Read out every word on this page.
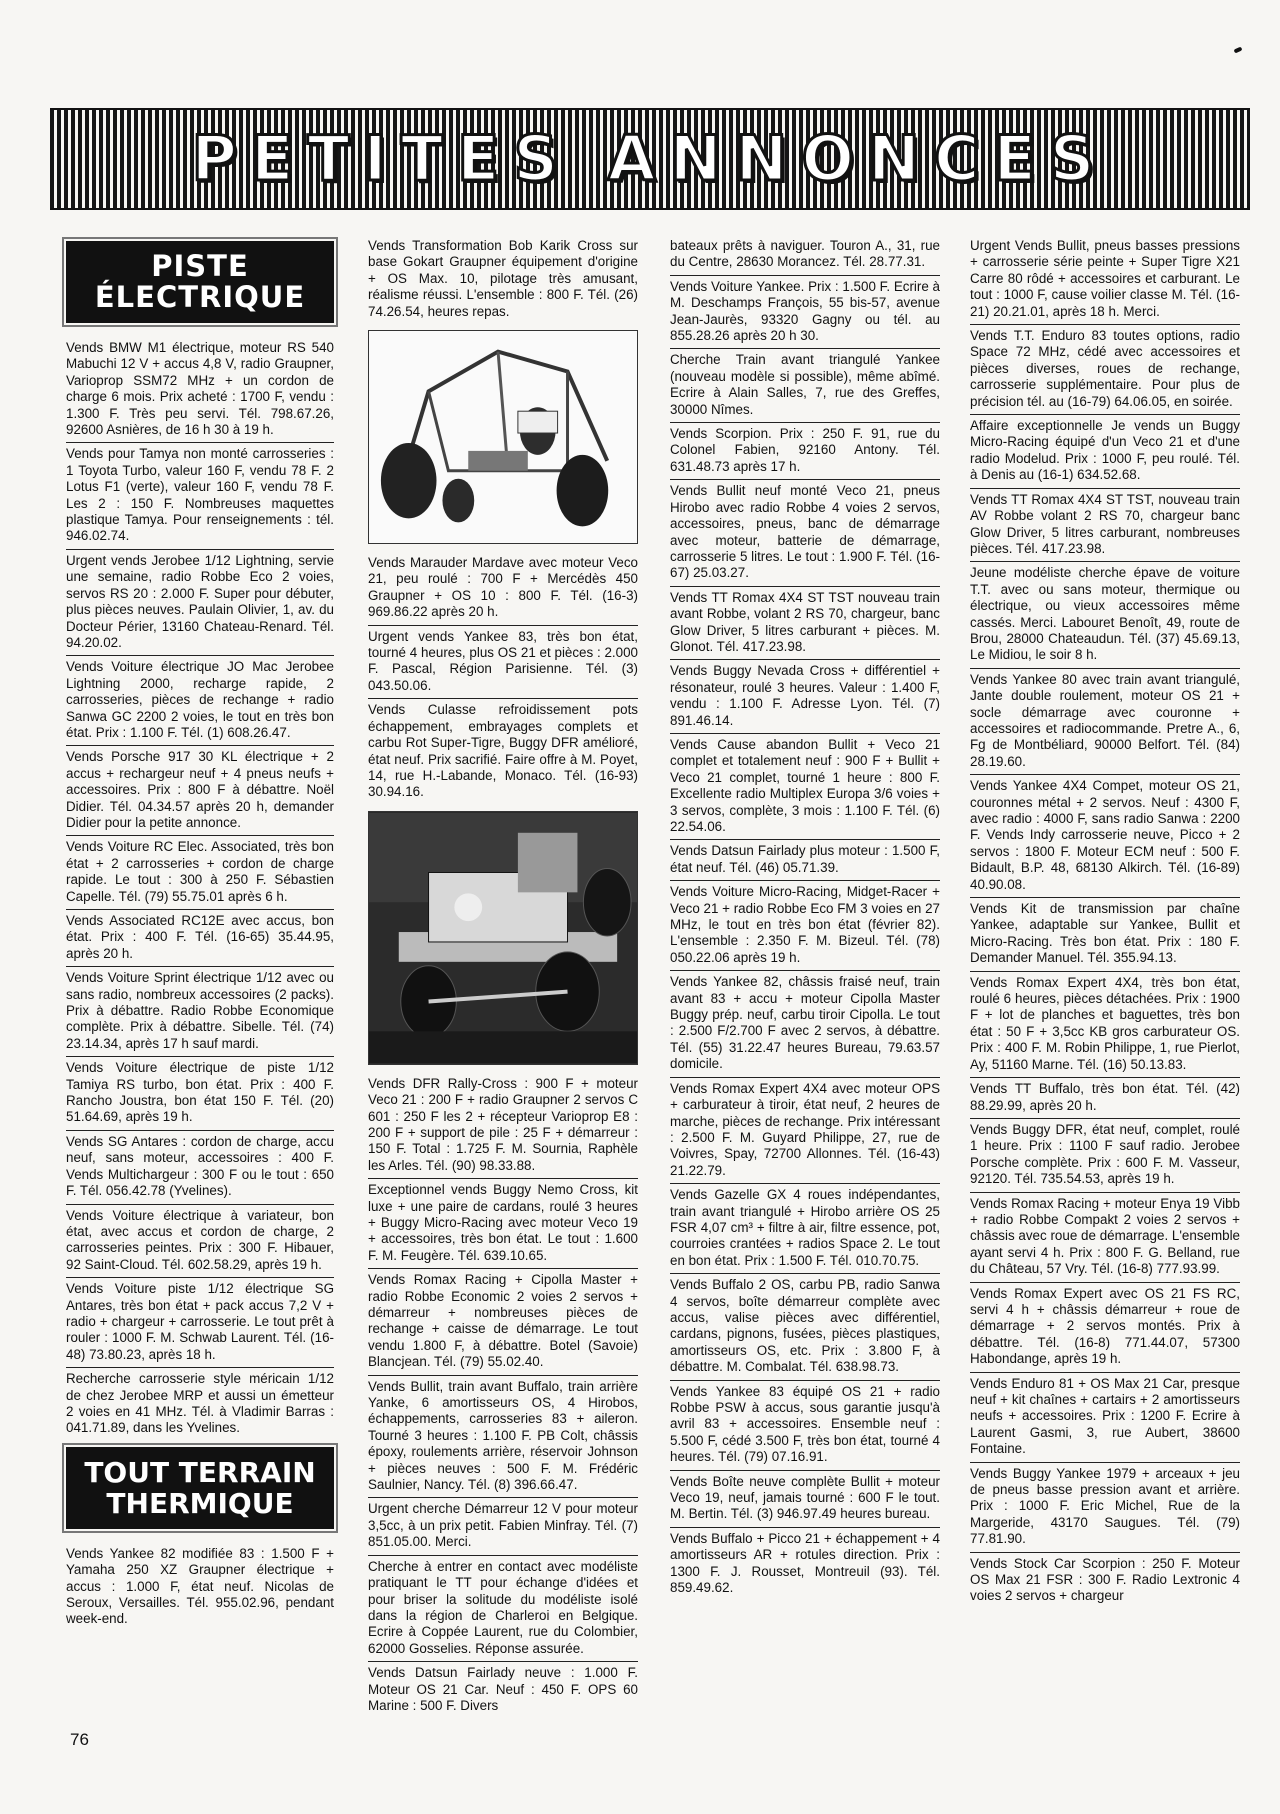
PETITES ANNONCES
PISTE ÉLECTRIQUE

Vends BMW M1 électrique, moteur RS 540 Mabuchi 12 V + accus 4,8 V, radio Graupner, Varioprop SSM72 MHz + un cordon de charge 6 mois. Prix acheté : 1700 F, vendu : 1.300 F. Très peu servi. Tél. 798.67.26, 92600 Asnières, de 16 h 30 à 19 h.

Vends pour Tamya non monté carrosseries : 1 Toyota Turbo, valeur 160 F, vendu 78 F. 2 Lotus F1 (verte), valeur 160 F, vendu 78 F. Les 2 : 150 F. Nombreuses maquettes plastique Tamya. Pour renseignements : tél. 946.02.74.

Urgent vends Jerobee 1/12 Lightning, servie une semaine, radio Robbe Eco 2 voies, servos RS 20 : 2.000 F. Super pour débuter, plus pièces neuves. Paulain Olivier, 1, av. du Docteur Périer, 13160 Chateau-Renard. Tél. 94.20.02.

Vends Voiture électrique JO Mac Jerobee Lightning 2000, recharge rapide, 2 carrosseries, pièces de rechange + radio Sanwa GC 2200 2 voies, le tout en très bon état. Prix : 1.100 F. Tél. (1) 608.26.47.

Vends Porsche 917 30 KL électrique + 2 accus + rechargeur neuf + 4 pneus neufs + accessoires. Prix : 800 F à débattre. Noël Didier. Tél. 04.34.57 après 20 h, demander Didier pour la petite annonce.

Vends Voiture RC Elec. Associated, très bon état + 2 carrosseries + cordon de charge rapide. Le tout : 300 à 250 F. Sébastien Capelle. Tél. (79) 55.75.01 après 6 h.

Vends Associated RC12E avec accus, bon état. Prix : 400 F. Tél. (16-65) 35.44.95, après 20 h.

Vends Voiture Sprint électrique 1/12 avec ou sans radio, nombreux accessoires (2 packs). Prix à débattre. Radio Robbe Economique complète. Prix à débattre. Sibelle. Tél. (74) 23.14.34, après 17 h sauf mardi.

Vends Voiture électrique de piste 1/12 Tamiya RS turbo, bon état. Prix : 400 F. Rancho Joustra, bon état 150 F. Tél. (20) 51.64.69, après 19 h.

Vends SG Antares : cordon de charge, accu neuf, sans moteur, accessoires : 400 F. Vends Multichargeur : 300 F ou le tout : 650 F. Tél. 056.42.78 (Yvelines).

Vends Voiture électrique à variateur, bon état, avec accus et cordon de charge, 2 carrosseries peintes. Prix : 300 F. Hibauer, 92 Saint-Cloud. Tél. 602.58.29, après 19 h.

Vends Voiture piste 1/12 électrique SG Antares, très bon état + pack accus 7,2 V + radio + chargeur + carrosserie. Le tout prêt à rouler : 1000 F. M. Schwab Laurent. Tél. (16-48) 73.80.23, après 18 h.

Recherche carrosserie style méricain 1/12 de chez Jerobee MRP et aussi un émetteur 2 voies en 41 MHz. Tél. à Vladimir Barras : 041.71.89, dans les Yvelines.

TOUT TERRAIN THERMIQUE

Vends Yankee 82 modifiée 83 : 1.500 F + Yamaha 250 XZ Graupner électrique + accus : 1.000 F, état neuf. Nicolas de Seroux, Versailles. Tél. 955.02.96, pendant week-end.

Vends Transformation Bob Karik Cross sur base Gokart Graupner équipement d'origine + OS Max. 10, pilotage très amusant, réalisme réussi. L'ensemble : 800 F. Tél. (26) 74.26.54, heures repas.

Vends Marauder Mardave avec moteur Veco 21, peu roulé : 700 F + Mercédès 450 Graupner + OS 10 : 800 F. Tél. (16-3) 969.86.22 après 20 h.

Urgent vends Yankee 83, très bon état, tourné 4 heures, plus OS 21 et pièces : 2.000 F. Pascal, Région Parisienne. Tél. (3) 043.50.06.

Vends Culasse refroidissement pots échappement, embrayages complets et carbu Rot Super-Tigre, Buggy DFR amélioré, état neuf. Prix sacrifié. Faire offre à M. Poyet, 14, rue H.-Labande, Monaco. Tél. (16-93) 30.94.16.

Vends DFR Rally-Cross : 900 F + moteur Veco 21 : 200 F + radio Graupner 2 servos C 601 : 250 F les 2 + récepteur Varioprop E8 : 200 F + support de pile : 25 F + démarreur : 150 F. Total : 1.725 F. M. Sournia, Raphèle les Arles. Tél. (90) 98.33.88.

Exceptionnel vends Buggy Nemo Cross, kit luxe + une paire de cardans, roulé 3 heures + Buggy Micro-Racing avec moteur Veco 19 + accessoires, très bon état. Le tout : 1.600 F. M. Feugère. Tél. 639.10.65.

Vends Romax Racing + Cipolla Master + radio Robbe Economic 2 voies 2 servos + démarreur + nombreuses pièces de rechange + caisse de démarrage. Le tout vendu 1.800 F, à débattre. Botel (Savoie) Blancjean. Tél. (79) 55.02.40.

Vends Bullit, train avant Buffalo, train arrière Yanke, 6 amortisseurs OS, 4 Hirobos, échappements, carrosseries 83 + aileron. Tourné 3 heures : 1.100 F. PB Colt, châssis époxy, roulements arrière, réservoir Johnson + pièces neuves : 500 F. M. Frédéric Saulnier, Nancy. Tél. (8) 396.66.47.

Urgent cherche Démarreur 12 V pour moteur 3,5cc, à un prix petit. Fabien Minfray. Tél. (7) 851.05.00. Merci.

Cherche à entrer en contact avec modéliste pratiquant le TT pour échange d'idées et pour briser la solitude du modéliste isolé dans la région de Charleroi en Belgique. Ecrire à Coppée Laurent, rue du Colombier, 62000 Gosselies. Réponse assurée.

Vends Datsun Fairlady neuve : 1.000 F. Moteur OS 21 Car. Neuf : 450 F. OPS 60 Marine : 500 F. Divers

bateaux prêts à naviguer. Touron A., 31, rue du Centre, 28630 Morancez. Tél. 28.77.31.

Vends Voiture Yankee. Prix : 1.500 F. Ecrire à M. Deschamps François, 55 bis-57, avenue Jean-Jaurès, 93320 Gagny ou tél. au 855.28.26 après 20 h 30.

Cherche Train avant triangulé Yankee (nouveau modèle si possible), même abîmé. Ecrire à Alain Salles, 7, rue des Greffes, 30000 Nîmes.

Vends Scorpion. Prix : 250 F. 91, rue du Colonel Fabien, 92160 Antony. Tél. 631.48.73 après 17 h.

Vends Bullit neuf monté Veco 21, pneus Hirobo avec radio Robbe 4 voies 2 servos, accessoires, pneus, banc de démarrage avec moteur, batterie de démarrage, carrosserie 5 litres. Le tout : 1.900 F. Tél. (16-67) 25.03.27.

Vends TT Romax 4X4 ST TST nouveau train avant Robbe, volant 2 RS 70, chargeur, banc Glow Driver, 5 litres carburant + pièces. M. Glonot. Tél. 417.23.98.

Vends Buggy Nevada Cross + différentiel + résonateur, roulé 3 heures. Valeur : 1.400 F, vendu : 1.100 F. Adresse Lyon. Tél. (7) 891.46.14.

Vends Cause abandon Bullit + Veco 21 complet et totalement neuf : 900 F + Bullit + Veco 21 complet, tourné 1 heure : 800 F. Excellente radio Multiplex Europa 3/6 voies + 3 servos, complète, 3 mois : 1.100 F. Tél. (6) 22.54.06.

Vends Datsun Fairlady plus moteur : 1.500 F, état neuf. Tél. (46) 05.71.39.

Vends Voiture Micro-Racing, Midget-Racer + Veco 21 + radio Robbe Eco FM 3 voies en 27 MHz, le tout en très bon état (février 82). L'ensemble : 2.350 F. M. Bizeul. Tél. (78) 050.22.06 après 19 h.

Vends Yankee 82, châssis fraisé neuf, train avant 83 + accu + moteur Cipolla Master Buggy prép. neuf, carbu tiroir Cipolla. Le tout : 2.500 F/2.700 F avec 2 servos, à débattre. Tél. (55) 31.22.47 heures Bureau, 79.63.57 domicile.

Vends Romax Expert 4X4 avec moteur OPS + carburateur à tiroir, état neuf, 2 heures de marche, pièces de rechange. Prix intéressant : 2.500 F. M. Guyard Philippe, 27, rue de Voivres, Spay, 72700 Allonnes. Tél. (16-43) 21.22.79.

Vends Gazelle GX 4 roues indépendantes, train avant triangulé + Hirobo arrière OS 25 FSR 4,07 cm³ + filtre à air, filtre essence, pot, courroies crantées + radios Space 2. Le tout en bon état. Prix : 1.500 F. Tél. 010.70.75.

Vends Buffalo 2 OS, carbu PB, radio Sanwa 4 servos, boîte démarreur complète avec accus, valise pièces avec différentiel, cardans, pignons, fusées, pièces plastiques, amortisseurs OS, etc. Prix : 3.800 F, à débattre. M. Combalat. Tél. 638.98.73.

Vends Yankee 83 équipé OS 21 + radio Robbe PSW à accus, sous garantie jusqu'à avril 83 + accessoires. Ensemble neuf : 5.500 F, cédé 3.500 F, très bon état, tourné 4 heures. Tél. (79) 07.16.91.

Vends Boîte neuve complète Bullit + moteur Veco 19, neuf, jamais tourné : 600 F le tout. M. Bertin. Tél. (3) 946.97.49 heures bureau.

Vends Buffalo + Picco 21 + échappement + 4 amortisseurs AR + rotules direction. Prix : 1300 F. J. Rousset, Montreuil (93). Tél. 859.49.62.

Urgent Vends Bullit, pneus basses pressions + carrosserie série peinte + Super Tigre X21 Carre 80 rôdé + accessoires et carburant. Le tout : 1000 F, cause voilier classe M. Tél. (16-21) 20.21.01, après 18 h. Merci.

Vends T.T. Enduro 83 toutes options, radio Space 72 MHz, cédé avec accessoires et pièces diverses, roues de rechange, carrosserie supplémentaire. Pour plus de précision tél. au (16-79) 64.06.05, en soirée.

Affaire exceptionnelle Je vends un Buggy Micro-Racing équipé d'un Veco 21 et d'une radio Modelud. Prix : 1000 F, peu roulé. Tél. à Denis au (16-1) 634.52.68.

Vends TT Romax 4X4 ST TST, nouveau train AV Robbe volant 2 RS 70, chargeur banc Glow Driver, 5 litres carburant, nombreuses pièces. Tél. 417.23.98.

Jeune modéliste cherche épave de voiture T.T. avec ou sans moteur, thermique ou électrique, ou vieux accessoires même cassés. Merci. Labouret Benoît, 49, route de Brou, 28000 Chateaudun. Tél. (37) 45.69.13, Le Midiou, le soir 8 h.

Vends Yankee 80 avec train avant triangulé, Jante double roulement, moteur OS 21 + socle démarrage avec couronne + accessoires et radiocommande. Pretre A., 6, Fg de Montbéliard, 90000 Belfort. Tél. (84) 28.19.60.

Vends Yankee 4X4 Compet, moteur OS 21, couronnes métal + 2 servos. Neuf : 4300 F, avec radio : 4000 F, sans radio Sanwa : 2200 F. Vends Indy carrosserie neuve, Picco + 2 servos : 1800 F. Moteur ECM neuf : 500 F. Bidault, B.P. 48, 68130 Alkirch. Tél. (16-89) 40.90.08.

Vends Kit de transmission par chaîne Yankee, adaptable sur Yankee, Bullit et Micro-Racing. Très bon état. Prix : 180 F. Demander Manuel. Tél. 355.94.13.

Vends Romax Expert 4X4, très bon état, roulé 6 heures, pièces détachées. Prix : 1900 F + lot de planches et baguettes, très bon état : 50 F + 3,5cc KB gros carburateur OS. Prix : 400 F. M. Robin Philippe, 1, rue Pierlot, Ay, 51160 Marne. Tél. (16) 50.13.83.

Vends TT Buffalo, très bon état. Tél. (42) 88.29.99, après 20 h.

Vends Buggy DFR, état neuf, complet, roulé 1 heure. Prix : 1100 F sauf radio. Jerobee Porsche complète. Prix : 600 F. M. Vasseur, 92120. Tél. 735.54.53, après 19 h.

Vends Romax Racing + moteur Enya 19 Vibb + radio Robbe Compakt 2 voies 2 servos + châssis avec roue de démarrage. L'ensemble ayant servi 4 h. Prix : 800 F. G. Belland, rue du Château, 57 Vry. Tél. (16-8) 777.93.99.

Vends Romax Expert avec OS 21 FS RC, servi 4 h + châssis démarreur + roue de démarrage + 2 servos montés. Prix à débattre. Tél. (16-8) 771.44.07, 57300 Habondange, après 19 h.

Vends Enduro 81 + OS Max 21 Car, presque neuf + kit chaînes + cartairs + 2 amortisseurs neufs + accessoires. Prix : 1200 F. Ecrire à Laurent Gasmi, 3, rue Aubert, 38600 Fontaine.

Vends Buggy Yankee 1979 + arceaux + jeu de pneus basse pression avant et arrière. Prix : 1000 F. Eric Michel, Rue de la Margeride, 43170 Saugues. Tél. (79) 77.81.90.

Vends Stock Car Scorpion : 250 F. Moteur OS Max 21 FSR : 300 F. Radio Lextronic 4 voies 2 servos + chargeur

76
